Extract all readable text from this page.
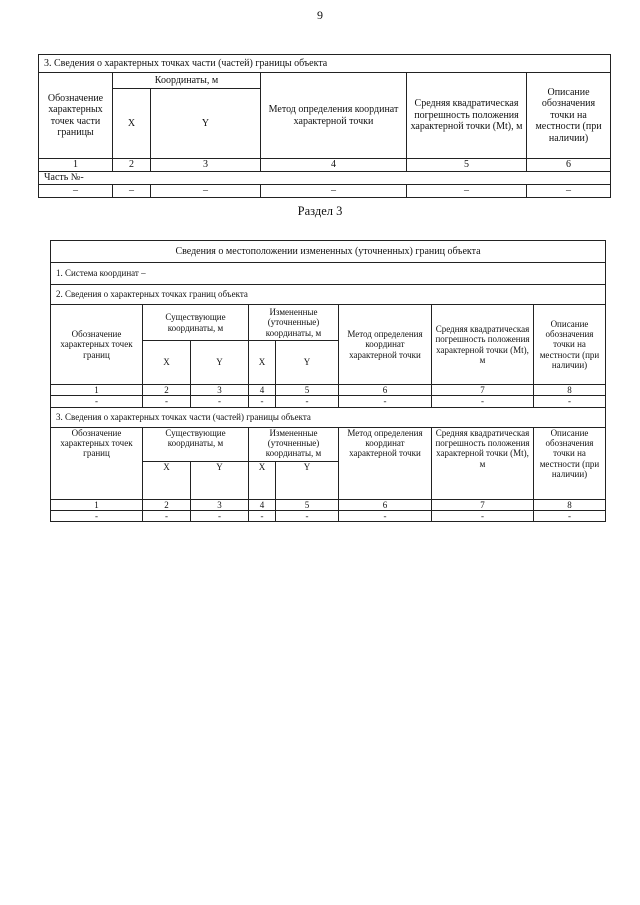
9
3. Сведения о характерных точках части (частей) границы объекта					
Обозначение характерных точек части границы	Координаты, м		Метод определения координат характерной точки	Средняя квадратическая погрешность положения характерной точки (Mt), м	Описание обозначения точки на местности (при наличии)
	X	Y			
1	2	3	4	5	6
Часть №-					
–	–	–	–	–	–
Раздел 3
Сведения о местоположении измененных (уточненных) границ объекта							
1. Система координат –							
2. Сведения о характерных точках границ объекта							
Обозначение характерных точек границ	Существующие координаты, м		Измененные (уточненные) координаты, м		Метод определения координат характерной точки	Средняя квадратическая погрешность положения характерной точки (Mt), м	Описание обозначения точки на местности (при наличии)
	X	Y	X	Y			
1	2	3	4	5	6	7	8
-	-	-	-	-	-	-	-
3. Сведения о характерных точках части (частей) границы объекта							
Обозначение характерных точек границ	Существующие координаты, м		Измененные (уточненные) координаты, м		Метод определения координат характерной точки	Средняя квадратическая погрешность положения характерной точки (Mt), м	Описание обозначения точки на местности (при наличии)
	X	Y	X	Y			
1	2	3	4	5	6	7	8
-	-	-	-	-	-	-	-
